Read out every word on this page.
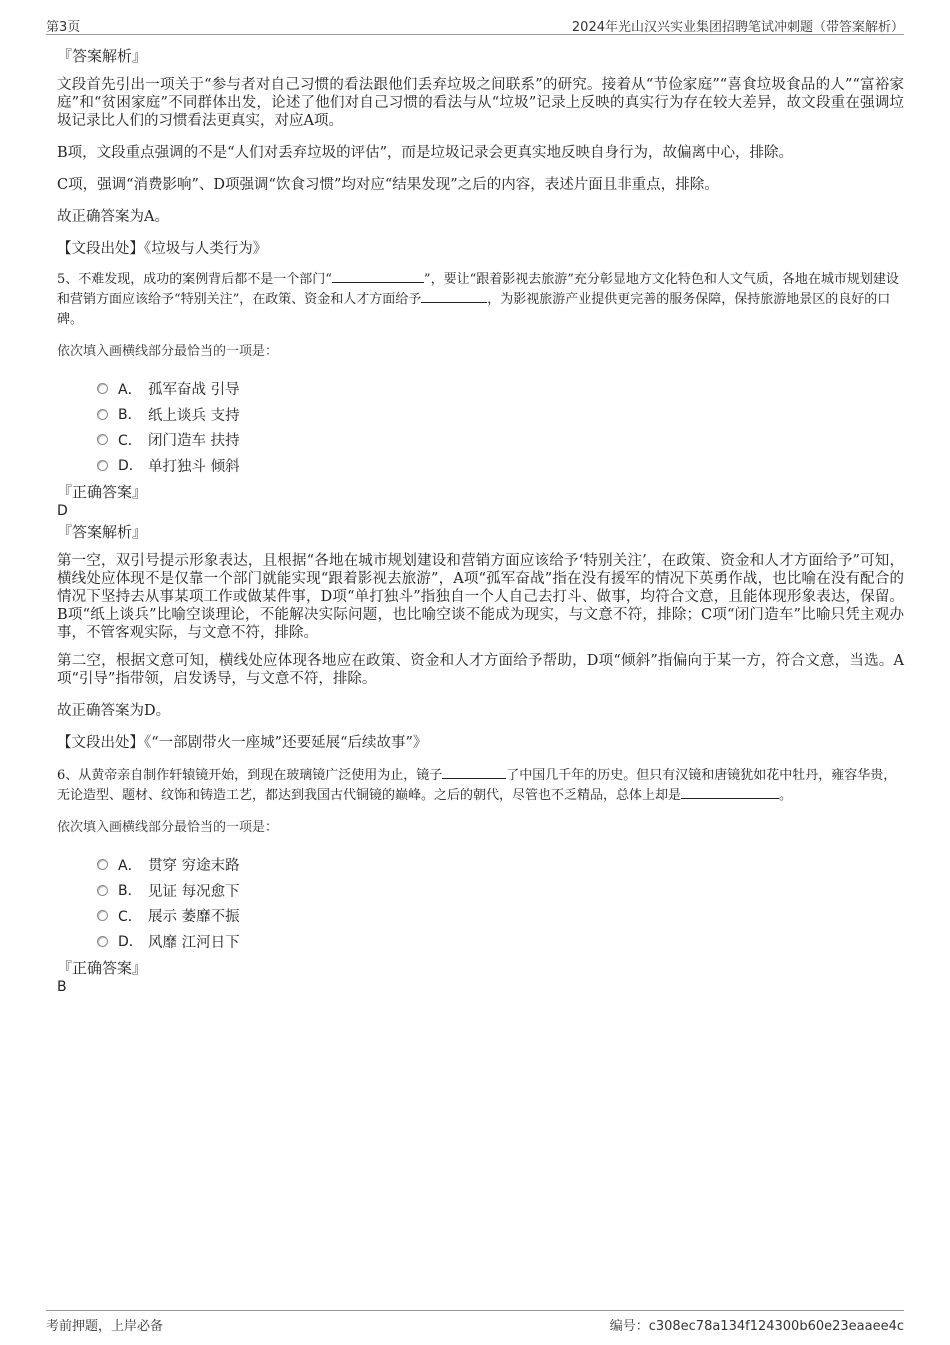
第3页	2024年光山汉兴实业集团招聘笔试冲刺题（带答案解析）
『答案解析』

文段首先引出一项关于“参与者对自己习惯的看法跟他们丢弃垃圾之间联系”的研究。接着从“节俭家庭”“喜食垃圾食品的人”“富裕家庭”和“贫困家庭”不同群体出发，论述了他们对自己习惯的看法与从“垃圾”记录上反映的真实行为存在较大差异，故文段重在强调垃圾记录比人们的习惯看法更真实，对应A项。

B项，文段重点强调的不是“人们对丢弃垃圾的评估”，而是垃圾记录会更真实地反映自身行为，故偏离中心，排除。

C项，强调“消费影响”、D项强调“饮食习惯”均对应“结果发现”之后的内容，表述片面且非重点，排除。

故正确答案为A。

【文段出处】《垃圾与人类行为》

5、不难发现，成功的案例背后都不是一个部门“	”，要让“跟着影视去旅游”充分彰显地方文化特色和人文气质，各地在城市规划建设和营销方面应该给予“特别关注”，在政策、资金和人才方面给予	，为影视旅游产业提供更完善的服务保障，保持旅游地景区的良好的口碑。

依次填入画横线部分最恰当的一项是：

A． 孤军奋战 引导
B． 纸上谈兵 支持
C． 闭门造车 扶持
D． 单打独斗 倾斜
『正确答案』

D

『答案解析』

第一空，双引号提示形象表达，且根据“各地在城市规划建设和营销方面应该给予‘特别关注’，在政策、资金和人才方面给予”可知，横线处应体现不是仅靠一个部门就能实现“跟着影视去旅游”，A项“孤军奋战”指在没有援军的情况下英勇作战，也比喻在没有配合的情况下坚持去从事某项工作或做某件事，D项“单打独斗”指独自一个人自己去打斗、做事，均符合文意，且能体现形象表达，保留。B项“纸上谈兵”比喻空谈理论，不能解决实际问题，也比喻空谈不能成为现实，与文意不符，排除；C项“闭门造车”比喻只凭主观办事，不管客观实际，与文意不符，排除。

第二空，根据文意可知，横线处应体现各地应在政策、资金和人才方面给予帮助，D项“倾斜”指偏向于某一方，符合文意，当选。A项“引导”指带领，启发诱导，与文意不符，排除。

故正确答案为D。

【文段出处】《“一部剧带火一座城”还要延展“后续故事”》

6、从黄帝亲自制作轩辕镜开始，到现在玻璃镜广泛使用为止，镜子	了中国几千年的历史。但只有汉镜和唐镜犹如花中牡丹，雍容华贵，无论造型、题材、纹饰和铸造工艺，都达到我国古代铜镜的巅峰。之后的朝代，尽管也不乏精品，总体上却是	。

依次填入画横线部分最恰当的一项是：

A． 贯穿 穷途末路
B． 见证 每况愈下
C． 展示 萎靡不振
D． 风靡 江河日下
『正确答案』

B

考前押题，上岸必备	编号：c308ec78a134f124300b60e23eaaee4c
